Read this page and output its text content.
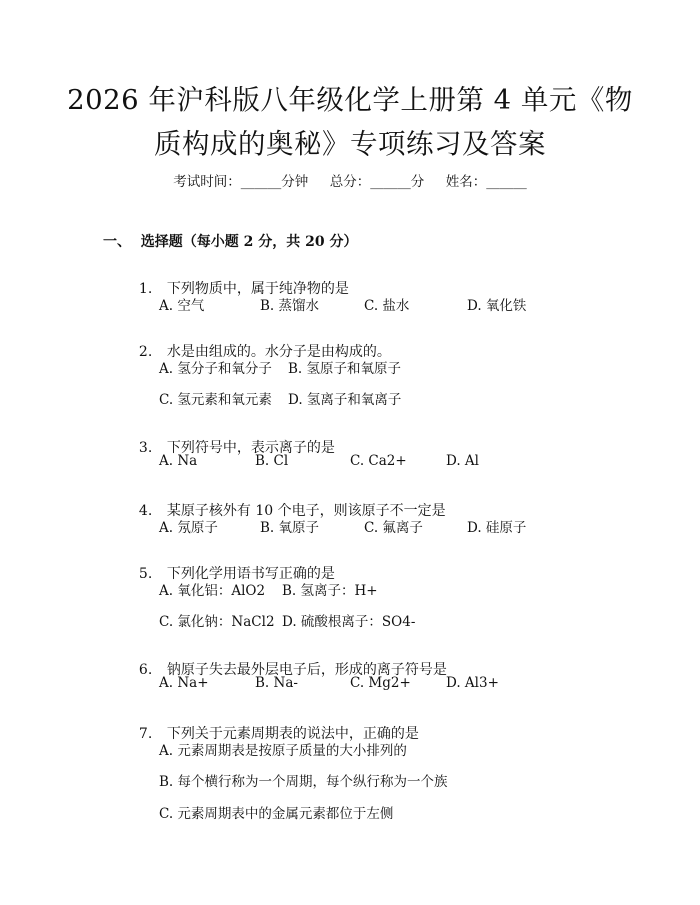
2026 年沪科版八年级化学上册第 4 单元《物
质构成的奥秘》专项练习及答案
考试时间：______分钟     总分：______分     姓名：______
一、  选择题（每小题 2 分，共 20 分）

1. 下列物质中，属于纯净物的是

A. 空气	B. 蒸馏水	C. 盐水	D. 氧化铁

2. 水是由组成的。水分子是由构成的。

A. 氢分子和氧分子 B. 氢原子和氧原子
C. 氢元素和氧元素 D. 氢离子和氧离子

3. 下列符号中，表示离子的是

A. Na	B. Cl	C. Ca2+	D. Al

4. 某原子核外有 10 个电子，则该原子不一定是

A. 氖原子	B. 氧原子	C. 氟离子	D. 硅原子

5. 下列化学用语书写正确的是

A. 氧化铝：AlO2 B. 氢离子：H+
C. 氯化钠：NaCl2 D. 硫酸根离子：SO4-

6. 钠原子失去最外层电子后，形成的离子符号是

A. Na+	B. Na-	C. Mg2+	D. Al3+

7. 下列关于元素周期表的说法中，正确的是

A. 元素周期表是按原子质量的大小排列的
B. 每个横行称为一个周期，每个纵行称为一个族
C. 元素周期表中的金属元素都位于左侧
